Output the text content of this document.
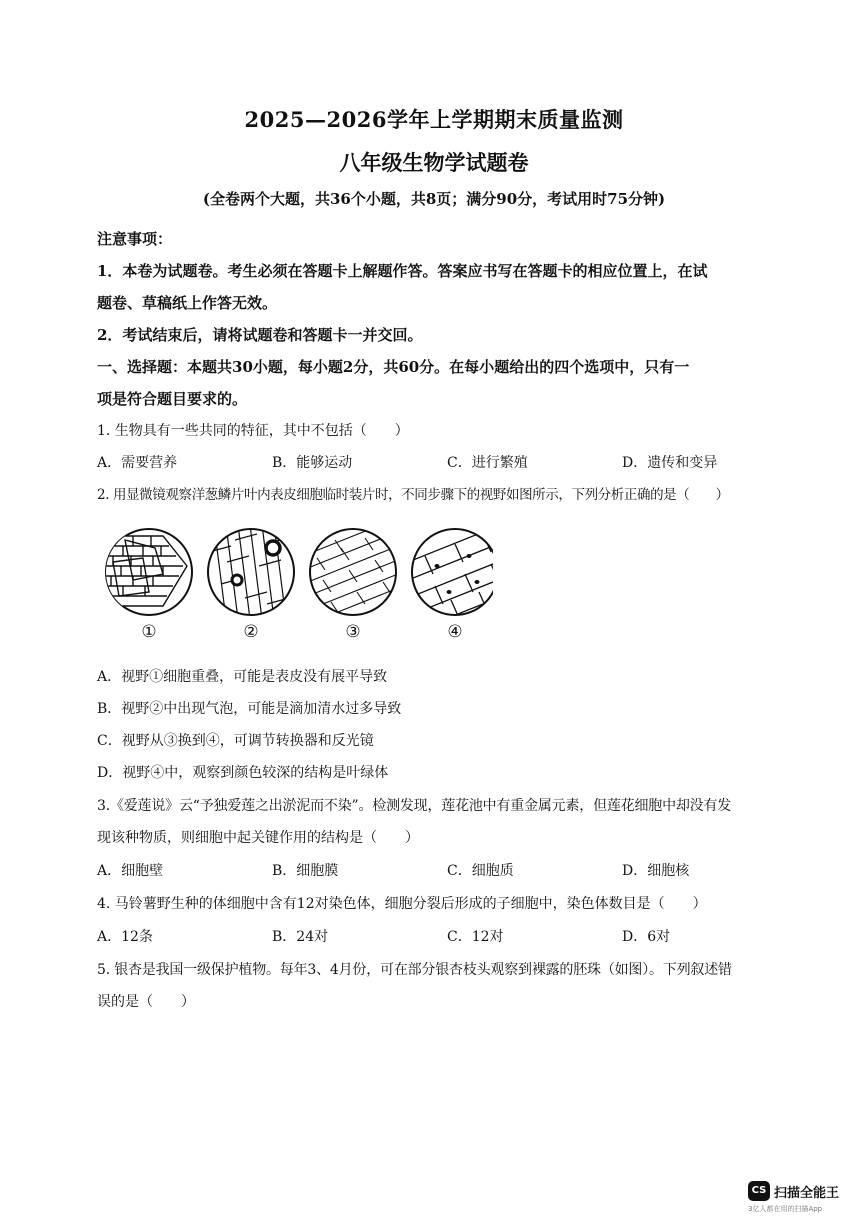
2025—2026学年上学期期末质量监测
八年级生物学试题卷
(全卷两个大题，共36个小题，共8页；满分90分，考试用时75分钟)
注意事项：
1．本卷为试题卷。考生必须在答题卡上解题作答。答案应书写在答题卡的相应位置上，在试
题卷、草稿纸上作答无效。
2．考试结束后，请将试题卷和答题卡一并交回。
一、选择题：本题共30小题，每小题2分，共60分。在每小题给出的四个选项中，只有一
项是符合题目要求的。
1. 生物具有一些共同的特征，其中不包括（　　）
A．需要营养	B．能够运动	C．进行繁殖	D．遗传和变异
2. 用显微镜观察洋葱鳞片叶内表皮细胞临时装片时，不同步骤下的视野如图所示，下列分析正确的是（　　）
①	②	③	④
A．视野①细胞重叠，可能是表皮没有展平导致
B．视野②中出现气泡，可能是滴加清水过多导致
C．视野从③换到④，可调节转换器和反光镜
D．视野④中，观察到颜色较深的结构是叶绿体
3.《爱莲说》云“予独爱莲之出淤泥而不染”。检测发现，莲花池中有重金属元素，但莲花细胞中却没有发
现该种物质，则细胞中起关键作用的结构是（　　）
A．细胞壁	B．细胞膜	C．细胞质	D．细胞核
4. 马铃薯野生种的体细胞中含有12对染色体，细胞分裂后形成的子细胞中，染色体数目是（　　）
A．12条	B．24对	C．12对	D．6对
5. 银杏是我国一级保护植物。每年3、4月份，可在部分银杏枝头观察到裸露的胚珠（如图）。下列叙述错
误的是（　　）
CS 扫描全能王
3亿人都在用的扫描App
